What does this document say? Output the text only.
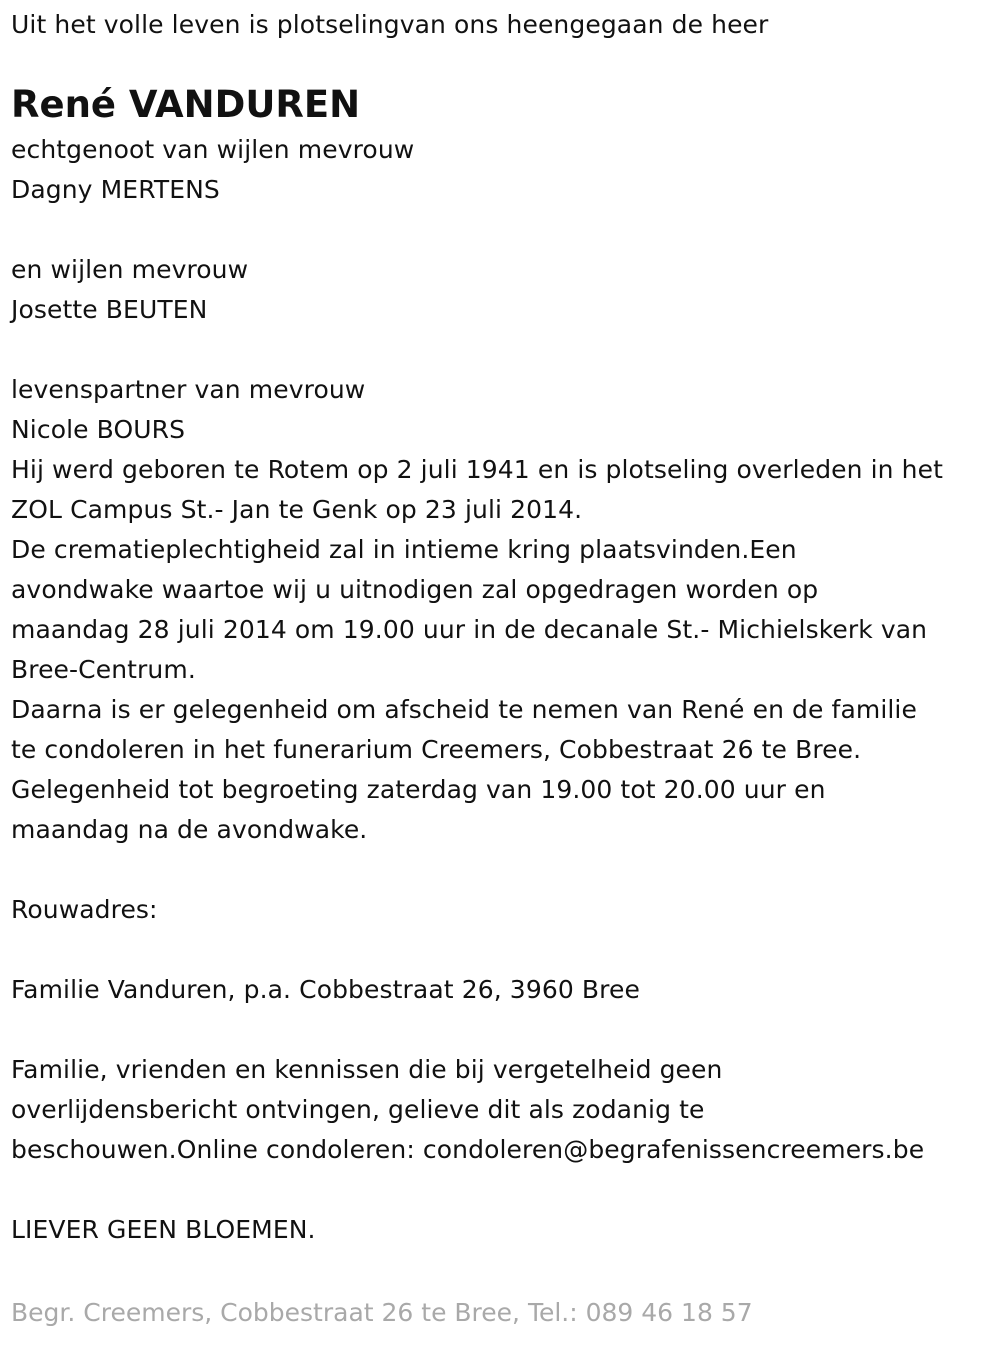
Uit het volle leven is plotselingvan ons heengegaan de heer
René VANDUREN
echtgenoot van wijlen mevrouw
Dagny MERTENS
en wijlen mevrouw
Josette BEUTEN
levenspartner van mevrouw
Nicole BOURS
Hij werd geboren te Rotem op 2 juli 1941 en is plotseling overleden in het
ZOL Campus St.- Jan te Genk op 23 juli 2014.
De crematieplechtigheid zal in intieme kring plaatsvinden.Een
avondwake waartoe wij u uitnodigen zal opgedragen worden op
maandag 28 juli 2014 om 19.00 uur in de decanale St.- Michielskerk van
Bree-Centrum.
Daarna is er gelegenheid om afscheid te nemen van René en de familie
te condoleren in het funerarium Creemers, Cobbestraat 26 te Bree.
Gelegenheid tot begroeting zaterdag van 19.00 tot 20.00 uur en
maandag na de avondwake.
Rouwadres:
Familie Vanduren, p.a. Cobbestraat 26, 3960 Bree
Familie, vrienden en kennissen die bij vergetelheid geen
overlijdensbericht ontvingen, gelieve dit als zodanig te
beschouwen.Online condoleren: condoleren@begrafenissencreemers.be
LIEVER GEEN BLOEMEN.
Begr. Creemers, Cobbestraat 26 te Bree, Tel.: 089 46 18 57
